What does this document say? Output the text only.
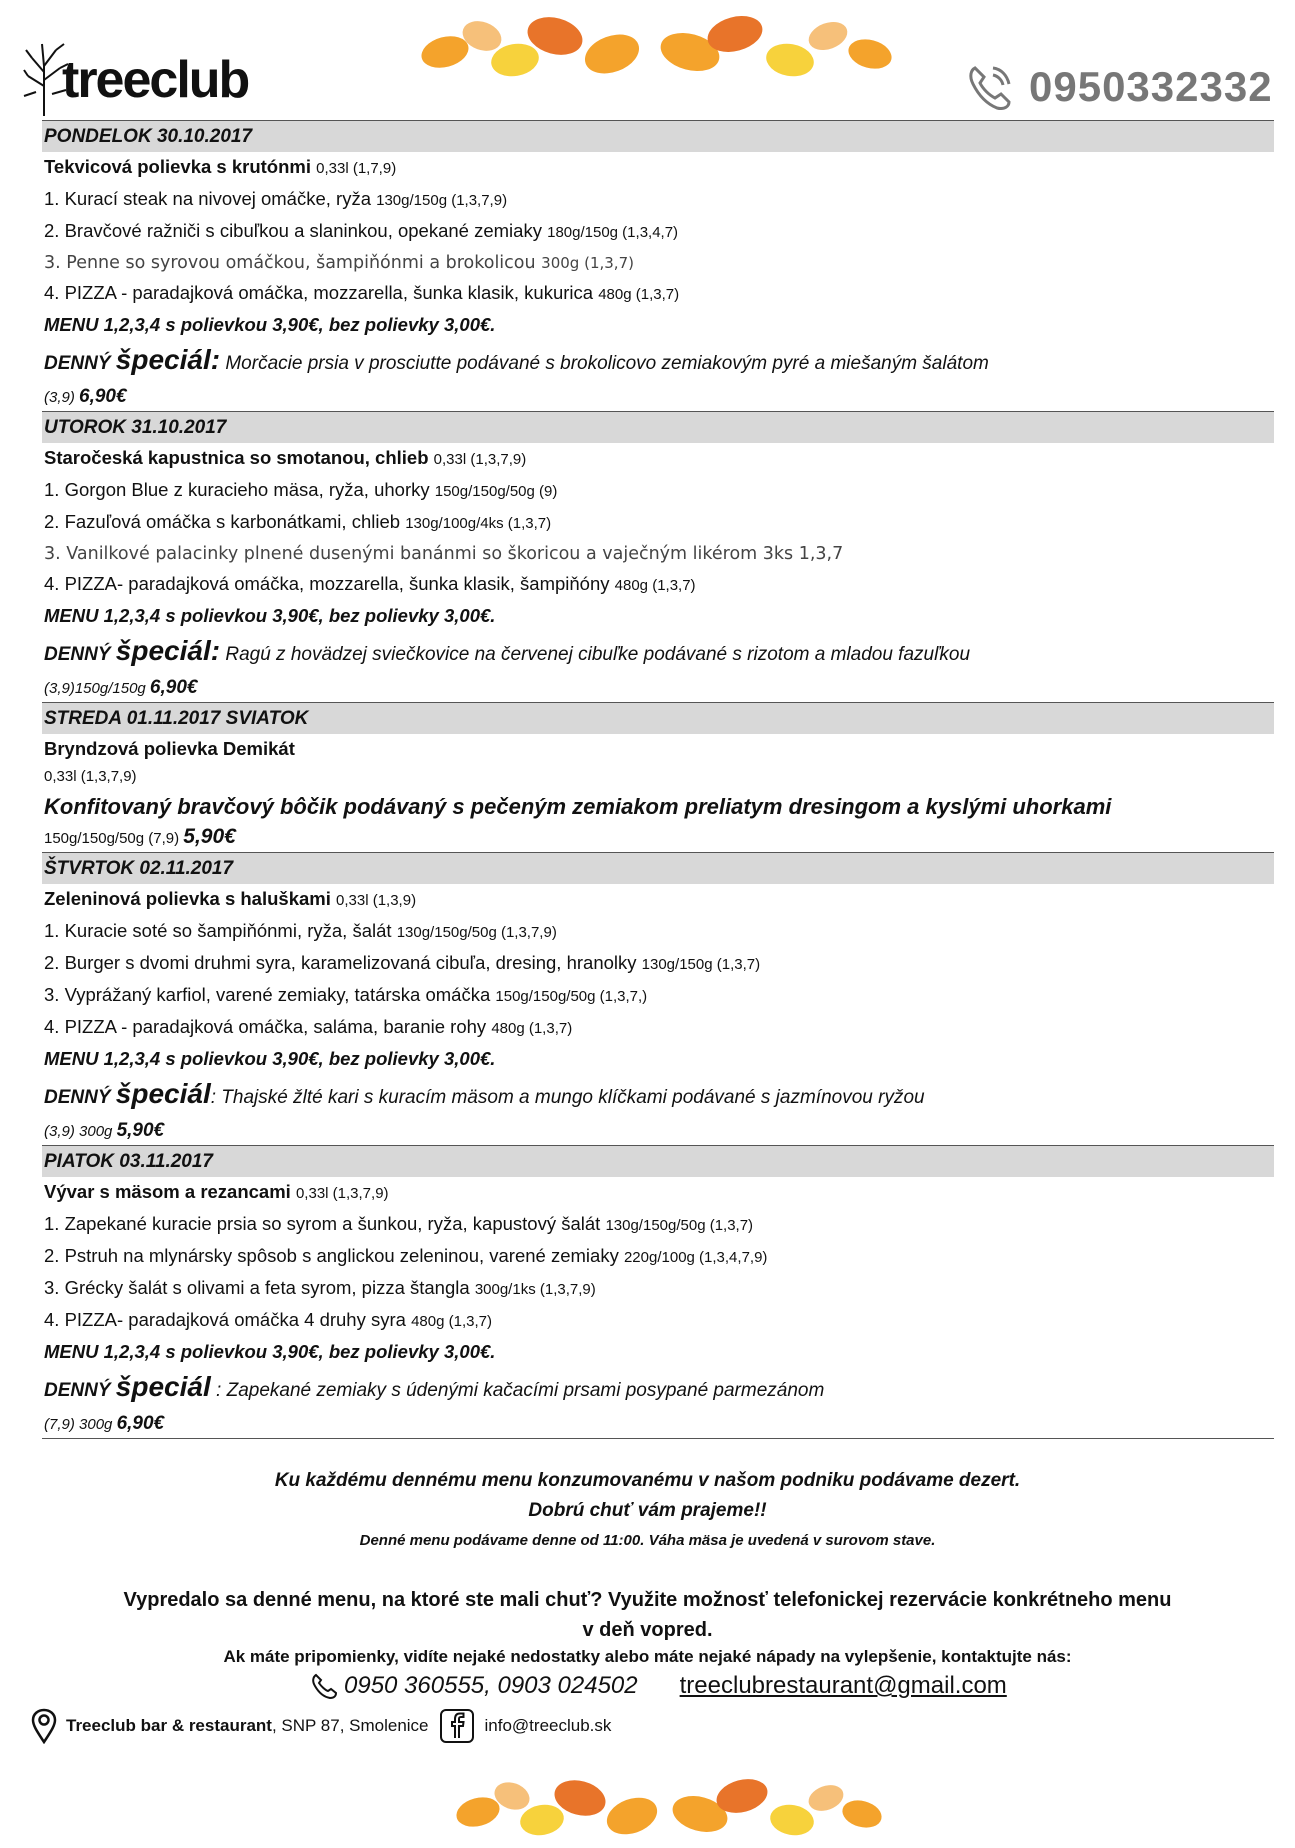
treeclub	0950332332
PONDELOK 30.10.2017
Tekvicová polievka s krutónmi 0,33l (1,7,9)
1. Kurací steak na nivovej omáčke, ryža 130g/150g (1,3,7,9)
2. Bravčové ražniči s cibuľkou a slaninkou, opekané zemiaky 180g/150g (1,3,4,7)
3. Penne so syrovou omáčkou, šampiňónmi a brokolicou 300g (1,3,7)
4. PIZZA - paradajková omáčka, mozzarella, šunka klasik, kukurica 480g (1,3,7)
MENU 1,2,3,4 s polievkou 3,90€, bez polievky 3,00€.
DENNÝ špeciál: Morčacie prsia v prosciutte podávané s brokolicovo zemiakovým pyré a miešaným šalátom
(3,9) 6,90€
UTOROK 31.10.2017
Staročeská kapustnica so smotanou, chlieb 0,33l (1,3,7,9)
1. Gorgon Blue z kuracieho mäsa, ryža, uhorky 150g/150g/50g (9)
2. Fazuľová omáčka s karbonátkami, chlieb 130g/100g/4ks (1,3,7)
3. Vanilkové palacinky plnené dusenými banánmi so škoricou a vaječným likérom 3ks 1,3,7
4. PIZZA- paradajková omáčka, mozzarella, šunka klasik, šampiňóny 480g (1,3,7)
MENU 1,2,3,4 s polievkou 3,90€, bez polievky 3,00€.
DENNÝ špeciál: Ragú z hovädzej sviečkovice na červenej cibuľke podávané s rizotom a mladou fazuľkou
(3,9)150g/150g 6,90€
STREDA 01.11.2017 SVIATOK
Bryndzová polievka Demikát
0,33l (1,3,7,9)
Konfitovaný bravčový bôčik podávaný s pečeným zemiakom preliatym dresingom a kyslými uhorkami
150g/150g/50g (7,9) 5,90€
ŠTVRTOK 02.11.2017
Zeleninová polievka s haluškami 0,33l (1,3,9)
1. Kuracie soté so šampiňónmi, ryža, šalát 130g/150g/50g (1,3,7,9)
2. Burger s dvomi druhmi syra, karamelizovaná cibuľa, dresing, hranolky 130g/150g (1,3,7)
3. Vyprážaný karfiol, varené zemiaky, tatárska omáčka 150g/150g/50g (1,3,7,)
4. PIZZA - paradajková omáčka, saláma, baranie rohy 480g (1,3,7)
MENU 1,2,3,4 s polievkou 3,90€, bez polievky 3,00€.
DENNÝ špeciál: Thajské žlté kari s kuracím mäsom a mungo klíčkami podávané s jazmínovou ryžou
(3,9) 300g 5,90€
PIATOK 03.11.2017
Vývar s mäsom a rezancami 0,33l (1,3,7,9)
1. Zapekané kuracie prsia so syrom a šunkou, ryža, kapustový šalát 130g/150g/50g (1,3,7)
2. Pstruh na mlynársky spôsob s anglickou zeleninou, varené zemiaky 220g/100g (1,3,4,7,9)
3. Grécky šalát s olivami a feta syrom, pizza štangla 300g/1ks (1,3,7,9)
4. PIZZA- paradajková omáčka 4 druhy syra 480g (1,3,7)
MENU 1,2,3,4 s polievkou 3,90€, bez polievky 3,00€.
DENNÝ špeciál : Zapekané zemiaky s údenými kačacími prsami posypané parmezánom
(7,9) 300g 6,90€
Ku každému dennému menu konzumovanému v našom podniku podávame dezert.
Dobrú chuť vám prajeme!!
Denné menu podávame denne od 11:00. Váha mäsa je uvedená v surovom stave.
Vypredalo sa denné menu, na ktoré ste mali chuť? Využite možnosť telefonickej rezervácie konkrétneho menu
v deň vopred.
Ak máte pripomienky, vidíte nejaké nedostatky alebo máte nejaké nápady na vylepšenie, kontaktujte nás:
0950 360555, 0903 024502 treeclubrestaurant@gmail.com
Treeclub bar & restaurant , SNP 87, Smolenice	info@treeclub.sk
